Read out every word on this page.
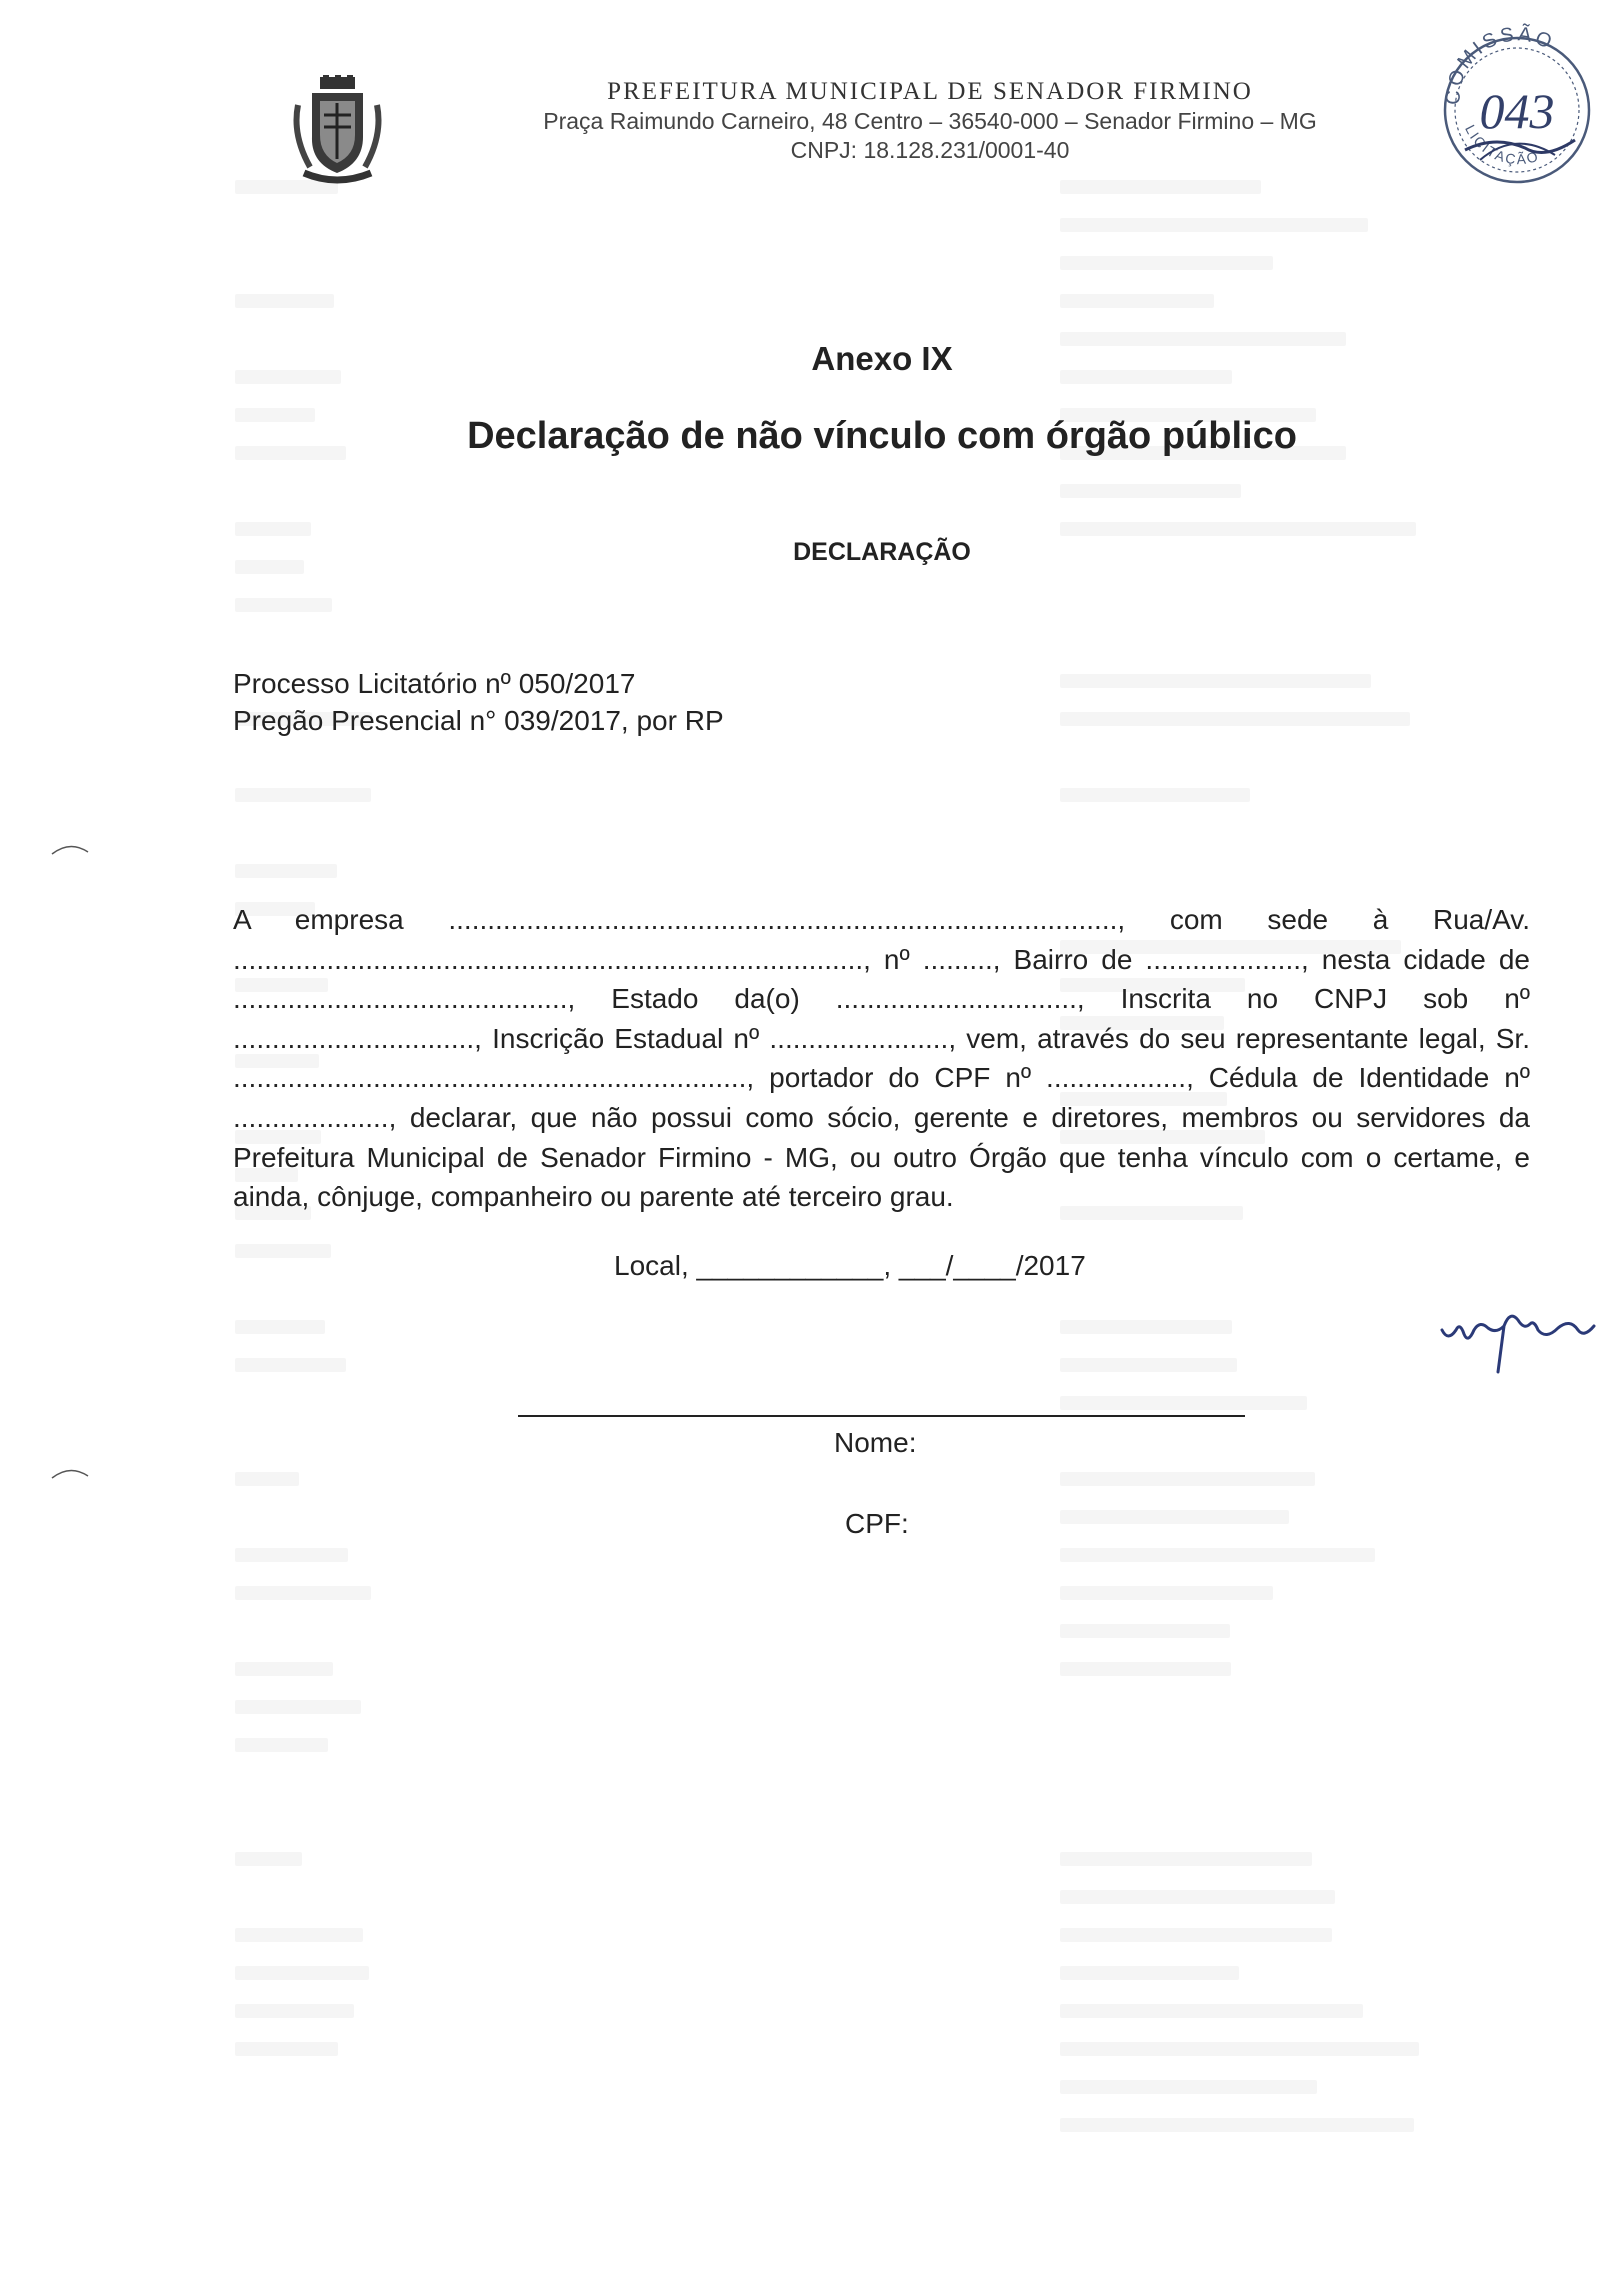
PREFEITURA MUNICIPAL DE SENADOR FIRMINO
Praça Raimundo Carneiro, 48 Centro – 36540-000 – Senador Firmino – MG
CNPJ: 18.128.231/0001-40
COMISSÃO
LICITAÇÃO
043
Anexo IX
Declaração de não vínculo com órgão público
DECLARAÇÃO
Processo Licitatório nº 050/2017
Pregão Presencial n° 039/2017, por RP
A empresa ......................................................................................, com sede à Rua/Av. ................................................................................., nº ........., Bairro de ...................., nesta cidade de ..........................................., Estado da(o) ..............................., Inscrita no CNPJ sob nº ..............................., Inscrição Estadual nº ......................., vem, através do seu representante legal, Sr. .................................................................., portador do CPF nº .................., Cédula de Identidade nº ...................., declarar, que não possui como sócio, gerente e diretores, membros ou servidores da Prefeitura Municipal de Senador Firmino - MG, ou outro Órgão que tenha vínculo com o certame, e ainda, cônjuge, companheiro ou parente até terceiro grau.
Local, ____________, ___/____/2017
Nome:
CPF:
